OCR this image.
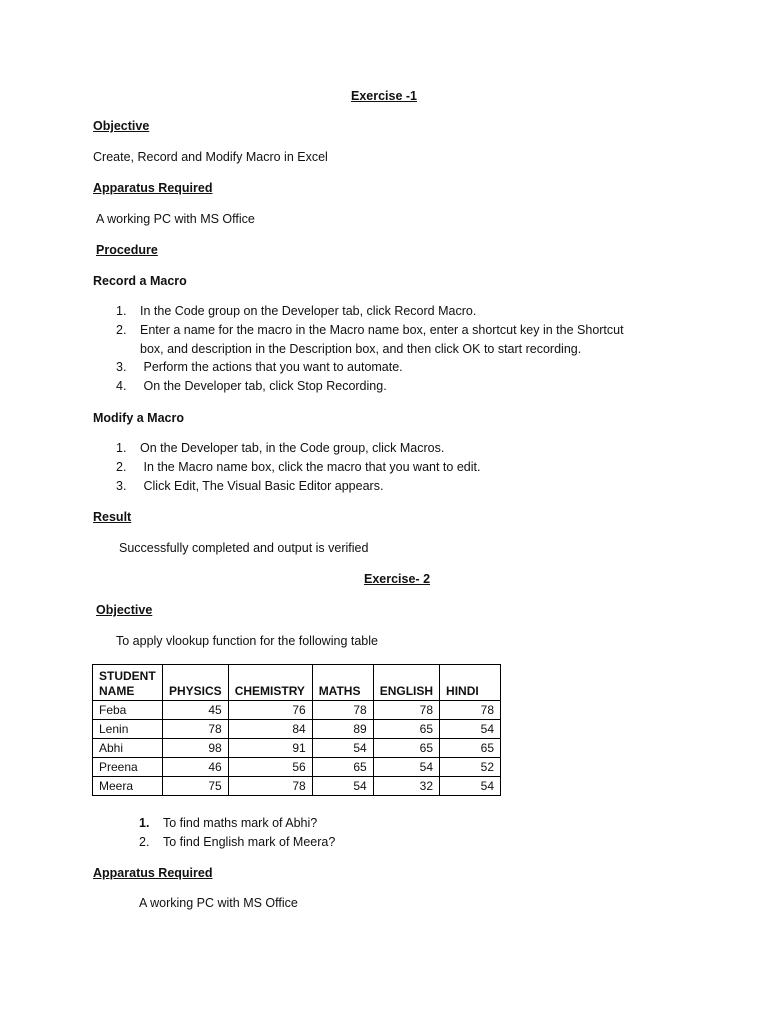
Exercise -1
Objective
Create, Record and Modify Macro in Excel
Apparatus Required
A working PC with MS Office
Procedure
Record a Macro
1. In the Code group on the Developer tab, click Record Macro.
2. Enter a name for the macro in the Macro name box, enter a shortcut key in the Shortcut
box, and description in the Description box, and then click OK to start recording.
3. Perform the actions that you want to automate.
4. On the Developer tab, click Stop Recording.
Modify a Macro
1. On the Developer tab, in the Code group, click Macros.
2. In the Macro name box, click the macro that you want to edit.
3. Click Edit, The Visual Basic Editor appears.
Result
Successfully completed and output is verified
Exercise- 2
Objective
To apply vlookup function for the following table
STUDENT
NAME	PHYSICS	CHEMISTRY	MATHS	ENGLISH	HINDI
Feba	45	76	78	78	78
Lenin	78	84	89	65	54
Abhi	98	91	54	65	65
Preena	46	56	65	54	52
Meera	75	78	54	32	54
1. To find maths mark of Abhi?
2. To find English mark of Meera?
Apparatus Required
A working PC with MS Office
